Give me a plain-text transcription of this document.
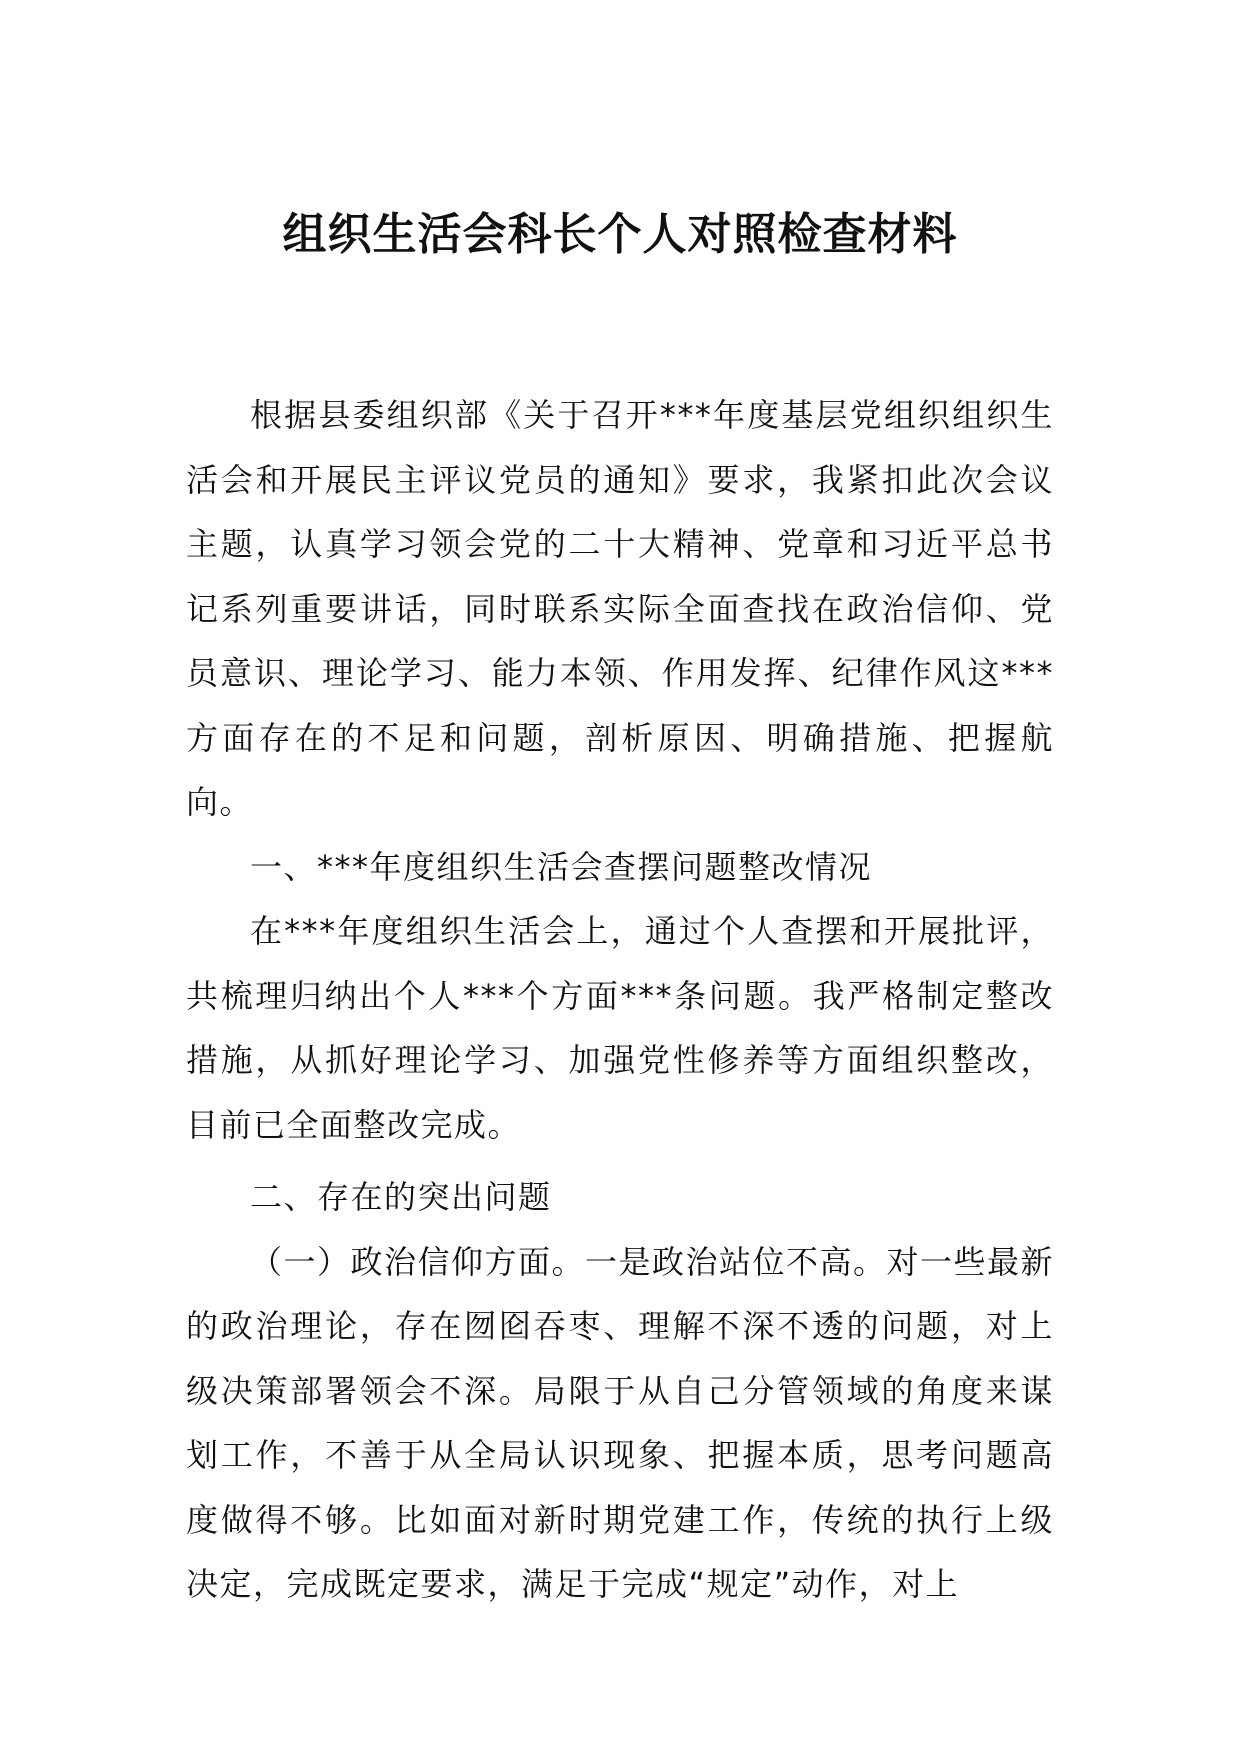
组织生活会科长个人对照检查材料

根据县委组织部《关于召开***年度基层党组织组织生活会和开展民主评议党员的通知》要求，我紧扣此次会议主题，认真学习领会党的二十大精神、党章和习近平总书记系列重要讲话，同时联系实际全面查找在政治信仰、党员意识、理论学习、能力本领、作用发挥、纪律作风这***方面存在的不足和问题，剖析原因、明确措施、把握航向。

一、***年度组织生活会查摆问题整改情况

在***年度组织生活会上，通过个人查摆和开展批评，共梳理归纳出个人***个方面***条问题。我严格制定整改措施，从抓好理论学习、加强党性修养等方面组织整改，目前已全面整改完成。

二、存在的突出问题

（一）政治信仰方面。一是政治站位不高。对一些最新的政治理论，存在囫囵吞枣、理解不深不透的问题，对上级决策部署领会不深。局限于从自己分管领域的角度来谋划工作，不善于从全局认识现象、把握本质，思考问题高度做得不够。比如面对新时期党建工作，传统的执行上级决定，完成既定要求，满足于完成“规定”动作，对上
